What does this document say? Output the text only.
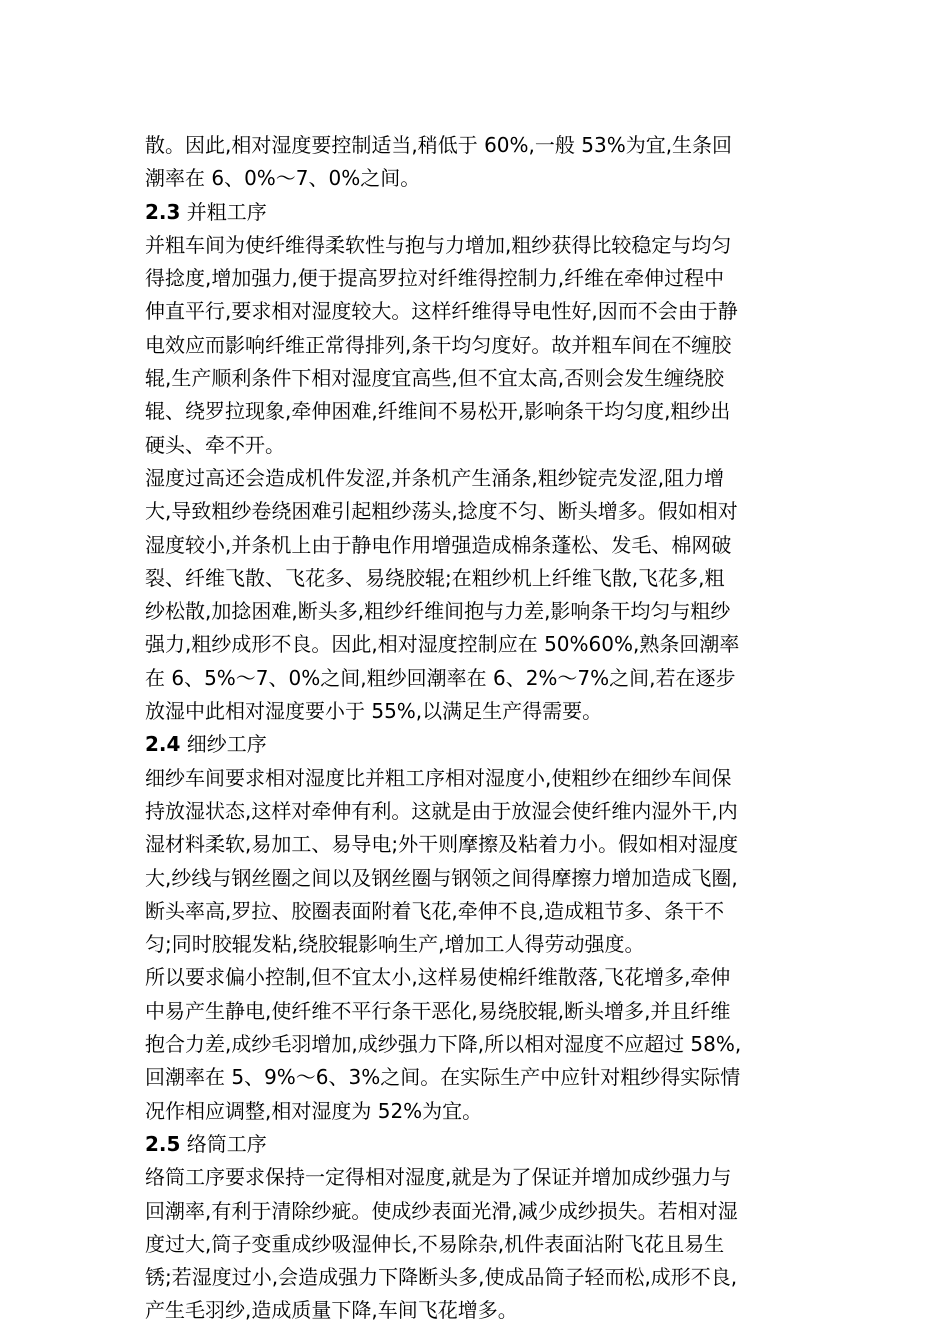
散。因此,相对湿度要控制适当,稍低于 60%,一般 53%为宜,生条回
潮率在 6、0%～7、0%之间。
2.3 并粗工序
并粗车间为使纤维得柔软性与抱与力增加,粗纱获得比较稳定与均匀
得捻度,增加强力,便于提高罗拉对纤维得控制力,纤维在牵伸过程中
伸直平行,要求相对湿度较大。这样纤维得导电性好,因而不会由于静
电效应而影响纤维正常得排列,条干均匀度好。故并粗车间在不缠胶
辊,生产顺利条件下相对湿度宜高些,但不宜太高,否则会发生缠绕胶
辊、绕罗拉现象,牵伸困难,纤维间不易松开,影响条干均匀度,粗纱出
硬头、牵不开。
湿度过高还会造成机件发涩,并条机产生涌条,粗纱锭壳发涩,阻力增
大,导致粗纱卷绕困难引起粗纱荡头,捻度不匀、断头增多。假如相对
湿度较小,并条机上由于静电作用增强造成棉条蓬松、发毛、棉网破
裂、纤维飞散、飞花多、易绕胶辊;在粗纱机上纤维飞散,飞花多,粗
纱松散,加捻困难,断头多,粗纱纤维间抱与力差,影响条干均匀与粗纱
强力,粗纱成形不良。因此,相对湿度控制应在 50%60%,熟条回潮率
在 6、5%～7、0%之间,粗纱回潮率在 6、2%～7%之间,若在逐步
放湿中此相对湿度要小于 55%,以满足生产得需要。
2.4 细纱工序
细纱车间要求相对湿度比并粗工序相对湿度小,使粗纱在细纱车间保
持放湿状态,这样对牵伸有利。这就是由于放湿会使纤维内湿外干,内
湿材料柔软,易加工、易导电;外干则摩擦及粘着力小。假如相对湿度
大,纱线与钢丝圈之间以及钢丝圈与钢领之间得摩擦力增加造成飞圈,
断头率高,罗拉、胶圈表面附着飞花,牵伸不良,造成粗节多、条干不
匀;同时胶辊发粘,绕胶辊影响生产,增加工人得劳动强度。
所以要求偏小控制,但不宜太小,这样易使棉纤维散落,飞花增多,牵伸
中易产生静电,使纤维不平行条干恶化,易绕胶辊,断头增多,并且纤维
抱合力差,成纱毛羽增加,成纱强力下降,所以相对湿度不应超过 58%,
回潮率在 5、9%～6、3%之间。在实际生产中应针对粗纱得实际情
况作相应调整,相对湿度为 52%为宜。
2.5 络筒工序
络筒工序要求保持一定得相对湿度,就是为了保证并增加成纱强力与
回潮率,有利于清除纱疵。使成纱表面光滑,减少成纱损失。若相对湿
度过大,筒子变重成纱吸湿伸长,不易除杂,机件表面沾附飞花且易生
锈;若湿度过小,会造成强力下降断头多,使成品筒子轻而松,成形不良,
产生毛羽纱,造成质量下降,车间飞花增多。
